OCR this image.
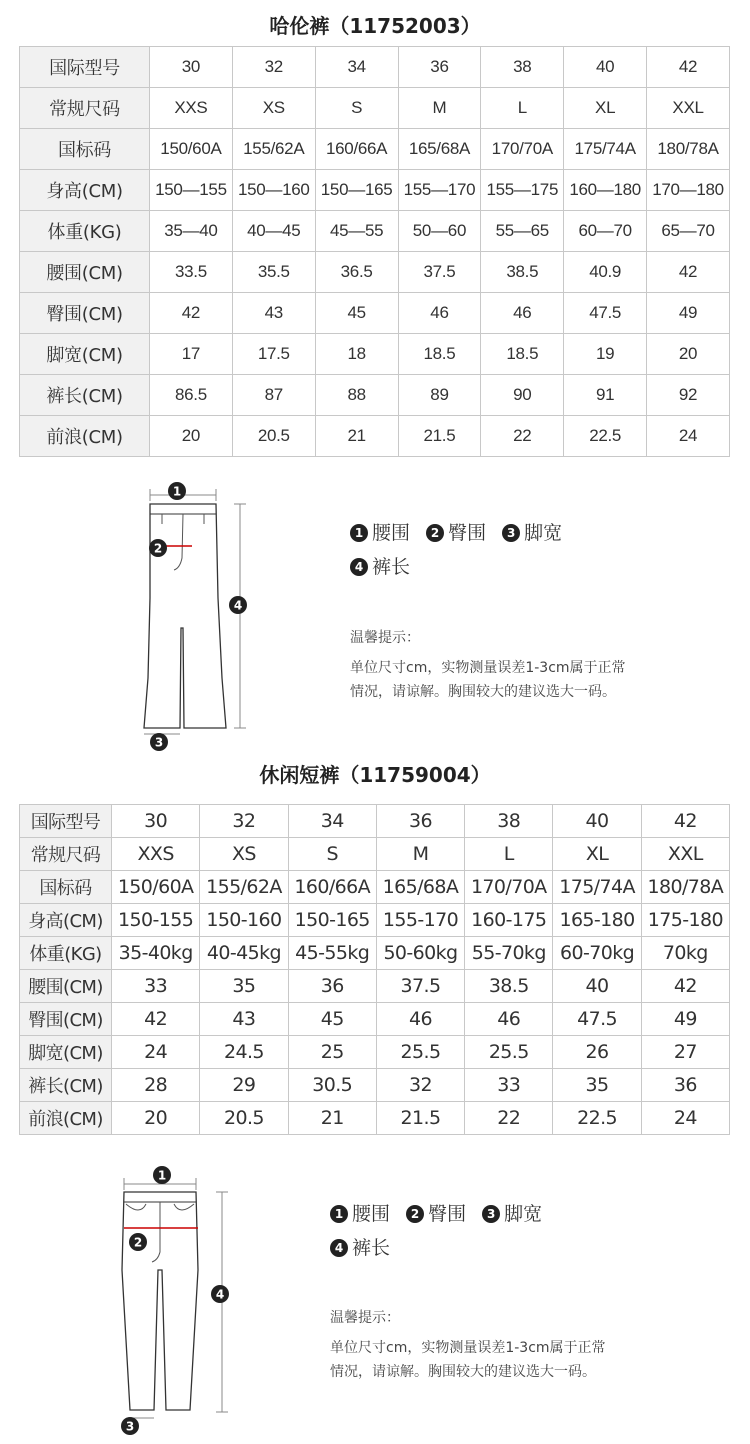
哈伦裤（11752003）
国际型号	30	32	34	36	38	40	42
常规尺码	XXS	XS	S	M	L	XL	XXL
国标码	150/60A	155/62A	160/66A	165/68A	170/70A	175/74A	180/78A
身高(CM)	150—155	150—160	150—165	155—170	155—175	160—180	170—180
体重(KG)	35—40	40—45	45—55	50—60	55—65	60—70	65—70
腰围(CM)	33.5	35.5	36.5	37.5	38.5	40.9	42
臀围(CM)	42	43	45	46	46	47.5	49
脚宽(CM)	17	17.5	18	18.5	18.5	19	20
裤长(CM)	86.5	87	88	89	90	91	92
前浪(CM)	20	20.5	21	21.5	22	22.5	24
1
2
3
4
1 腰围
	2 臀围
	3 脚宽
4 裤长
温馨提示：
单位尺寸cm，实物测量误差1-3cm属于正常
情况，请谅解。胸围较大的建议选大一码。
休闲短裤（11759004）
国际型号	30	32	34	36	38	40	42
常规尺码	XXS	XS	S	M	L	XL	XXL
国标码	150/60A	155/62A	160/66A	165/68A	170/70A	175/74A	180/78A
身高(CM)	150-155	150-160	150-165	155-170	160-175	165-180	175-180
体重(KG)	35-40kg	40-45kg	45-55kg	50-60kg	55-70kg	60-70kg	70kg
腰围(CM)	33	35	36	37.5	38.5	40	42
臀围(CM)	42	43	45	46	46	47.5	49
脚宽(CM)	24	24.5	25	25.5	25.5	26	27
裤长(CM)	28	29	30.5	32	33	35	36
前浪(CM)	20	20.5	21	21.5	22	22.5	24
1
2
3
4
1 腰围
	2 臀围
	3 脚宽
4 裤长
温馨提示：
单位尺寸cm，实物测量误差1-3cm属于正常
情况，请谅解。胸围较大的建议选大一码。
